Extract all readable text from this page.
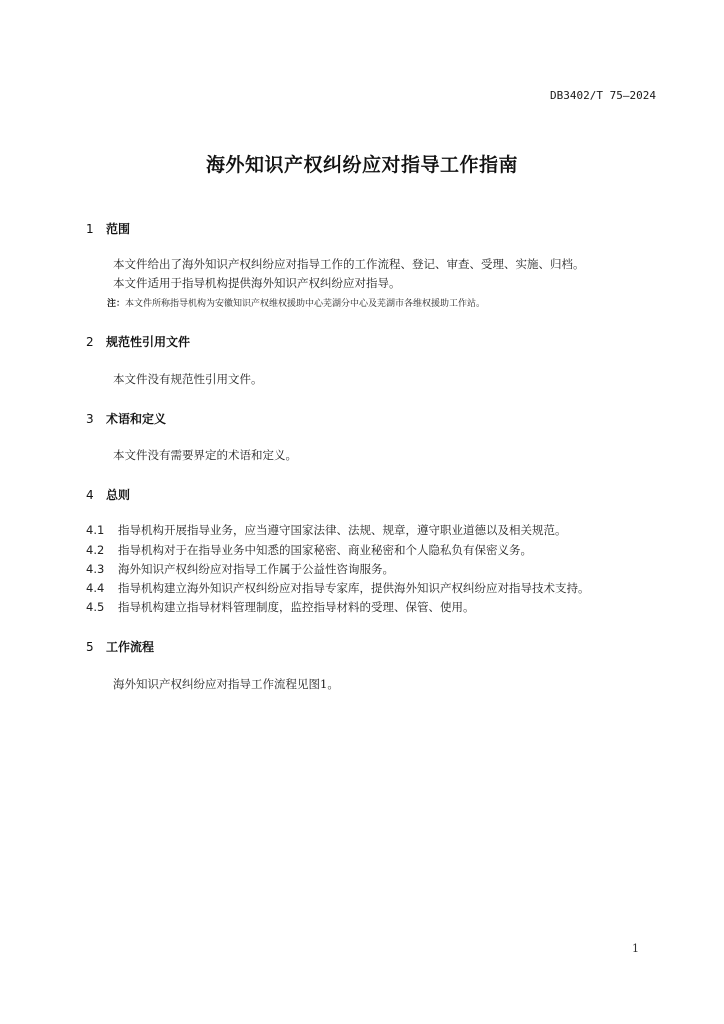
DB3402/T 75—2024
海外知识产权纠纷应对指导工作指南
1 范围
本文件给出了海外知识产权纠纷应对指导工作的工作流程、登记、审查、受理、实施、归档。
本文件适用于指导机构提供海外知识产权纠纷应对指导。
注：本文件所称指导机构为安徽知识产权维权援助中心芜湖分中心及芜湖市各维权援助工作站。
2 规范性引用文件
本文件没有规范性引用文件。
3 术语和定义
本文件没有需要界定的术语和定义。
4 总则
4.1 指导机构开展指导业务，应当遵守国家法律、法规、规章，遵守职业道德以及相关规范。
4.2 指导机构对于在指导业务中知悉的国家秘密、商业秘密和个人隐私负有保密义务。
4.3 海外知识产权纠纷应对指导工作属于公益性咨询服务。
4.4 指导机构建立海外知识产权纠纷应对指导专家库，提供海外知识产权纠纷应对指导技术支持。
4.5 指导机构建立指导材料管理制度，监控指导材料的受理、保管、使用。
5 工作流程
海外知识产权纠纷应对指导工作流程见图1。
1
